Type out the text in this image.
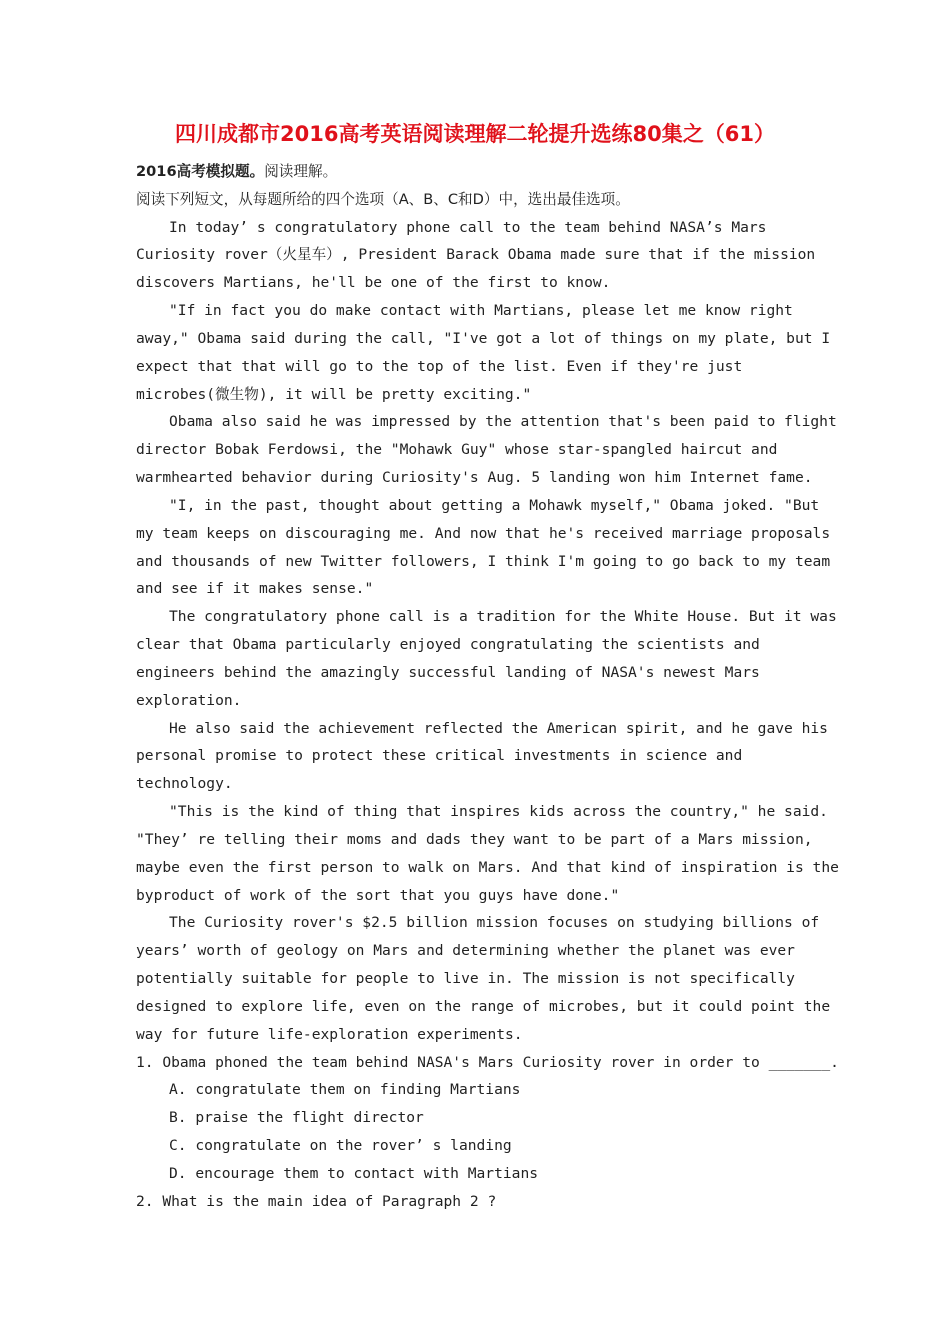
四川成都市2016高考英语阅读理解二轮提升选练80集之（61）
2016高考模拟题。阅读理解。
阅读下列短文，从每题所给的四个选项（A、B、C和D）中，选出最佳选项。
In today’ s congratulatory phone call to the team behind NASA’s Mars
Curiosity rover（火星车）, President Barack Obama made sure that if the mission
discovers Martians, he'll be one of the first to know.
"If in fact you do make contact with Martians, please let me know right
away," Obama said during the call, "I've got a lot of things on my plate, but I
expect that that will go to the top of the list. Even if they're just
microbes(微生物), it will be pretty exciting."
Obama also said he was impressed by the attention that's been paid to flight
director Bobak Ferdowsi, the "Mohawk Guy" whose star-spangled haircut and
warmhearted behavior during Curiosity's Aug. 5 landing won him Internet fame.
"I, in the past, thought about getting a Mohawk myself," Obama joked. "But
my team keeps on discouraging me. And now that he's received marriage proposals
and thousands of new Twitter followers, I think I'm going to go back to my team
and see if it makes sense."
The congratulatory phone call is a tradition for the White House. But it was
clear that Obama particularly enjoyed congratulating the scientists and
engineers behind the amazingly successful landing of NASA's newest Mars
exploration.
He also said the achievement reflected the American spirit, and he gave his
personal promise to protect these critical investments in science and
technology.
"This is the kind of thing that inspires kids across the country," he said.
"They’ re telling their moms and dads they want to be part of a Mars mission,
maybe even the first person to walk on Mars. And that kind of inspiration is the
byproduct of work of the sort that you guys have done."
The Curiosity rover's $2.5 billion mission focuses on studying billions of
years’ worth of geology on Mars and determining whether the planet was ever
potentially suitable for people to live in. The mission is not specifically
designed to explore life, even on the range of microbes, but it could point the
way for future life-exploration experiments.
1. Obama phoned the team behind NASA's Mars Curiosity rover in order to _______.
A. congratulate them on finding Martians
B. praise the flight director
C. congratulate on the rover’ s landing
D. encourage them to contact with Martians
2. What is the main idea of Paragraph 2 ?
